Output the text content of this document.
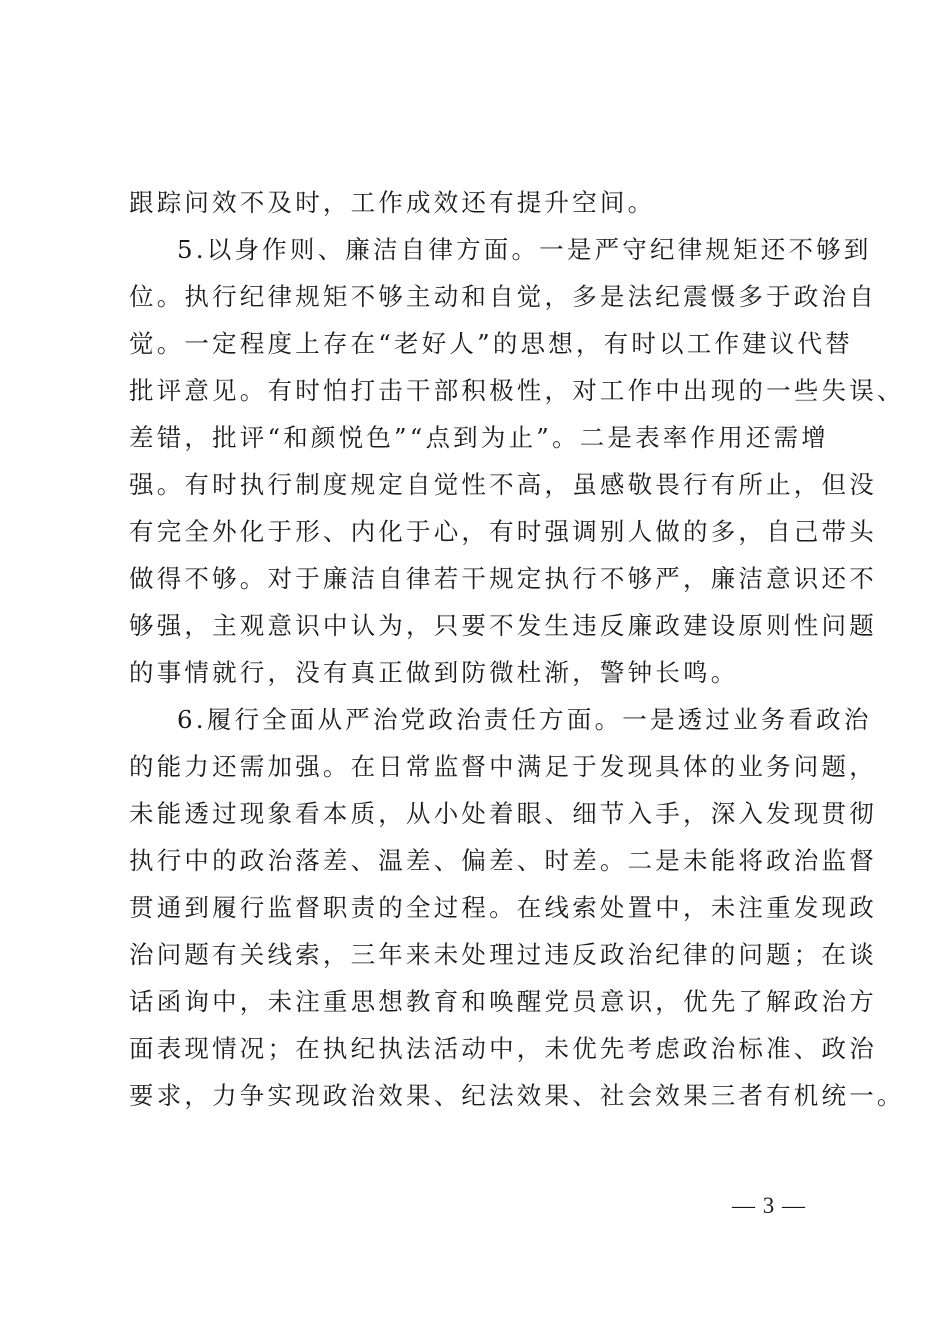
跟踪问效不及时，工作成效还有提升空间。
5.以身作则、廉洁自律方面。一是严守纪律规矩还不够到
位。执行纪律规矩不够主动和自觉，多是法纪震慑多于政治自
觉。一定程度上存在“老好人”的思想，有时以工作建议代替
批评意见。有时怕打击干部积极性，对工作中出现的一些失误、
差错，批评“和颜悦色”“点到为止”。二是表率作用还需增
强。有时执行制度规定自觉性不高，虽感敬畏行有所止，但没
有完全外化于形、内化于心，有时强调别人做的多，自己带头
做得不够。对于廉洁自律若干规定执行不够严，廉洁意识还不
够强，主观意识中认为，只要不发生违反廉政建设原则性问题
的事情就行，没有真正做到防微杜渐，警钟长鸣。
6.履行全面从严治党政治责任方面。一是透过业务看政治
的能力还需加强。在日常监督中满足于发现具体的业务问题，
未能透过现象看本质，从小处着眼、细节入手，深入发现贯彻
执行中的政治落差、温差、偏差、时差。二是未能将政治监督
贯通到履行监督职责的全过程。在线索处置中，未注重发现政
治问题有关线索，三年来未处理过违反政治纪律的问题；在谈
话函询中，未注重思想教育和唤醒党员意识，优先了解政治方
面表现情况；在执纪执法活动中，未优先考虑政治标准、政治
要求，力争实现政治效果、纪法效果、社会效果三者有机统一。
— 3 —
